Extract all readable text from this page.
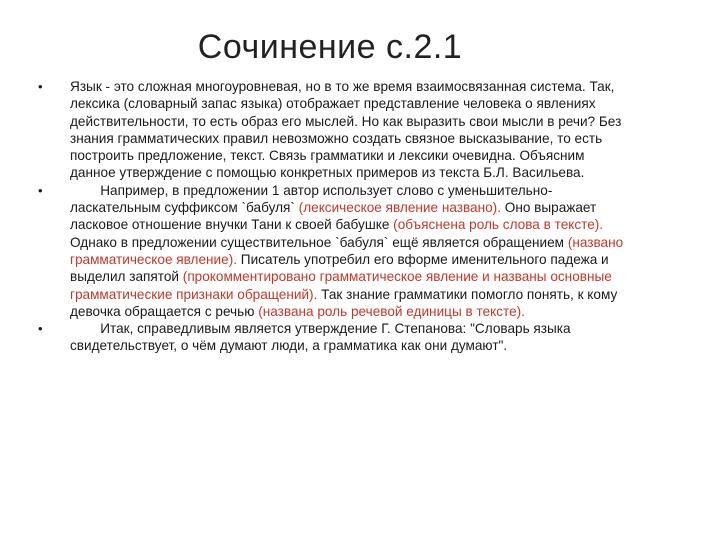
Сочинение с.2.1

• Язык - это сложная многоуровневая, но в то же время взаимосвязанная система. Так, лексика (словарный запас языка) отображает представление человека о явлениях действительности, то есть образ его мыслей. Но как выразить свои мысли в речи? Без знания грамматических правил невозможно создать связное высказывание, то есть построить предложение, текст. Связь грамматики и лексики очевидна. Объясним данное утверждение с помощью конкретных примеров из текста Б.Л. Васильева.

• Например, в предложении 1 автор использует слово с уменьшительно-ласкательным суффиксом `бабуля` (лексическое явление названо). Оно выражает ласковое отношение внучки Тани к своей бабушке (объяснена роль слова в тексте). Однако в предложении существительное `бабуля` ещё является обращением (названо грамматическое явление). Писатель употребил его вформе именительного падежа и выделил запятой (прокомментировано грамматическое явление и названы основные грамматические признаки обращений). Так знание грамматики помогло понять, к кому девочка обращается с речью (названа роль речевой единицы в тексте).

• Итак, справедливым является утверждение Г. Степанова: "Словарь языка свидетельствует, о чём думают люди, а грамматика как они думают".
